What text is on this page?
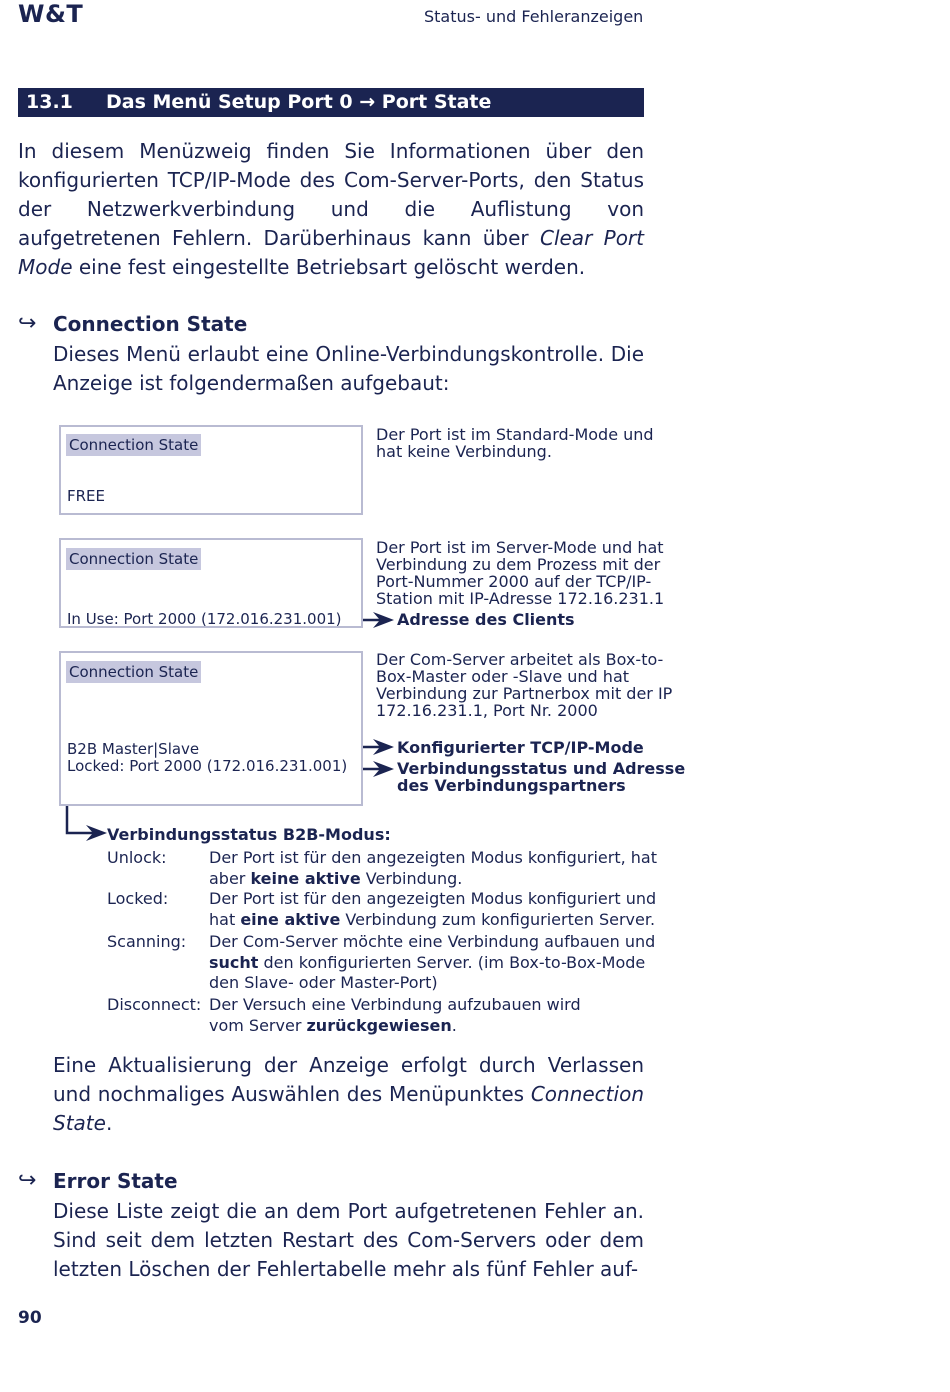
W&T	Status- und Fehleranzeigen
13.1 Das Menü Setup Port 0 → Port State
In diesem Menüzweig finden Sie Informationen über den konfigurierten TCP/IP-Mode des Com-Server-Ports, den Status der Netzwerkverbindung und die Auflistung von aufgetretenen Fehlern. Darüberhinaus kann über Clear Port Mode eine fest eingestellte Betriebsart gelöscht werden.
↪ Connection State
Dieses Menü erlaubt eine Online-Verbindungskontrolle. Die Anzeige ist folgendermaßen aufgebaut:
Connection State
FREE
Der Port ist im Standard-Mode und hat keine Verbindung.
Connection State
In Use: Port 2000 (172.016.231.001)
Der Port ist im Server-Mode und hat Verbindung zu dem Prozess mit der Port-Nummer 2000 auf der TCP/IP-Station mit IP-Adresse 172.16.231.1
Adresse des Clients
Connection State
B2B Master|Slave
Locked: Port 2000 (172.016.231.001)
Der Com-Server arbeitet als Box-to-Box-Master oder -Slave und hat Verbindung zur Partnerbox mit der IP 172.16.231.1, Port Nr. 2000
Konfigurierter TCP/IP-Mode
Verbindungsstatus und Adresse des Verbindungspartners
Verbindungsstatus B2B-Modus:
Unlock:	Der Port ist für den angezeigten Modus konfiguriert, hat aber keine aktive Verbindung.
Locked:	Der Port ist für den angezeigten Modus konfiguriert und hat eine aktive Verbindung zum konfigurierten Server.
Scanning:	Der Com-Server möchte eine Verbindung aufbauen und sucht den konfigurierten Server. (im Box-to-Box-Mode den Slave- oder Master-Port)
Disconnect: Der Versuch eine Verbindung aufzubauen wird vom Server zurückgewiesen.
Eine Aktualisierung der Anzeige erfolgt durch Verlassen und nochmaliges Auswählen des Menüpunktes Connection State.
↪ Error State
Diese Liste zeigt die an dem Port aufgetretenen Fehler an. Sind seit dem letzten Restart des Com-Servers oder dem letzten Löschen der Fehlertabelle mehr als fünf Fehler auf-
90
